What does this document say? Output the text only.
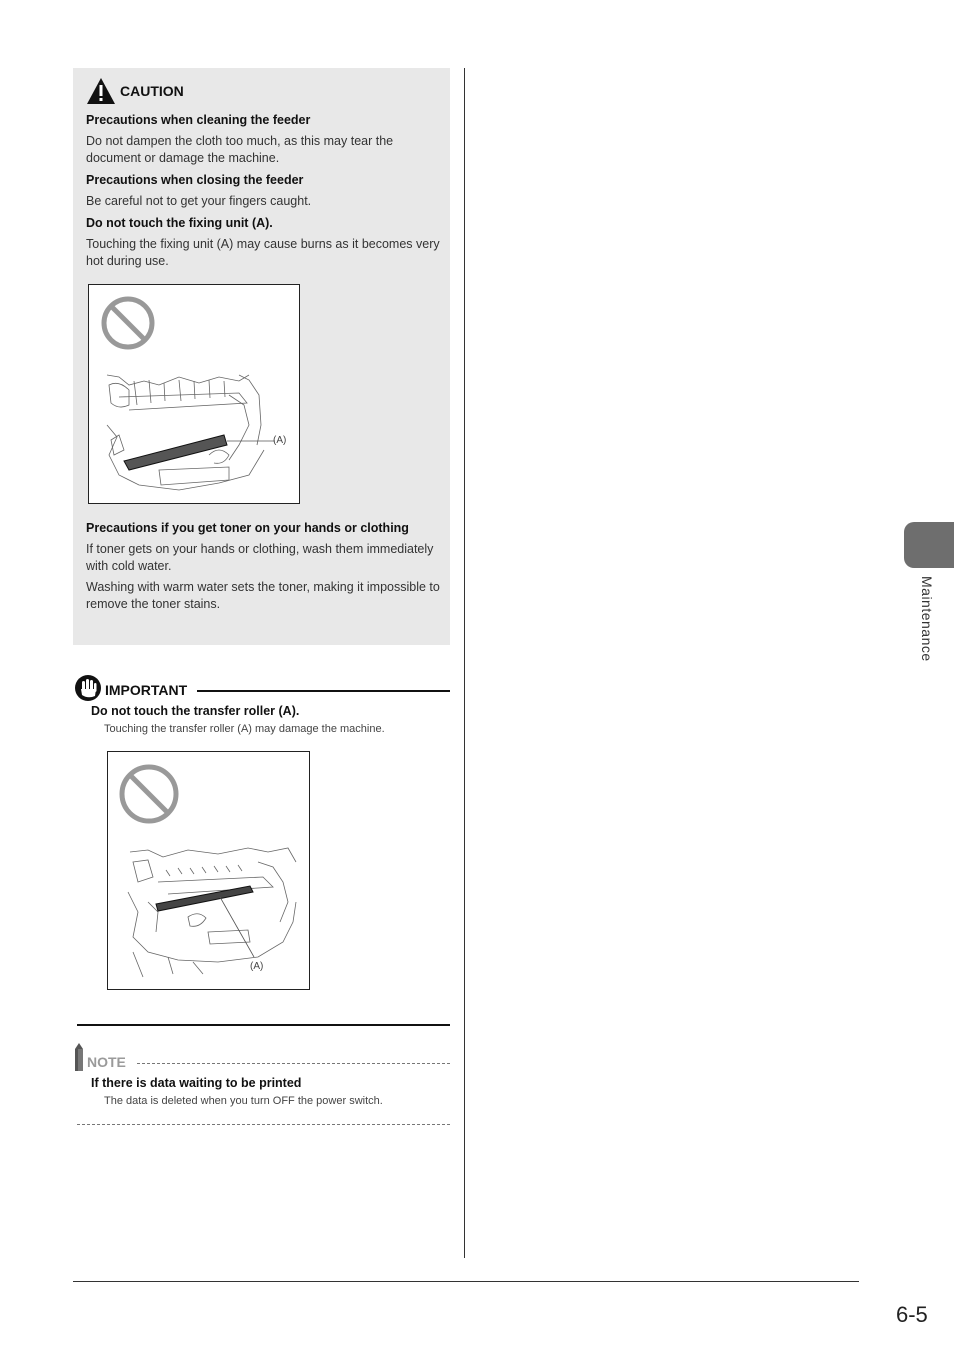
CAUTION
Precautions when cleaning the feeder
Do not dampen the cloth too much, as this may tear the document or damage the machine.
Precautions when closing the feeder
Be careful not to get your fingers caught.
Do not touch the fixing unit (A).
Touching the fixing unit (A) may cause burns as it becomes very hot during use.
(A)
Precautions if you get toner on your hands or clothing
If toner gets on your hands or clothing, wash them immediately with cold water.
Washing with warm water sets the toner, making it impossible to remove the toner stains.
IMPORTANT
Do not touch the transfer roller (A).
Touching the transfer roller (A) may damage the machine.
(A)
NOTE
If there is data waiting to be printed
The data is deleted when you turn OFF the power switch.
Maintenance
6-5
